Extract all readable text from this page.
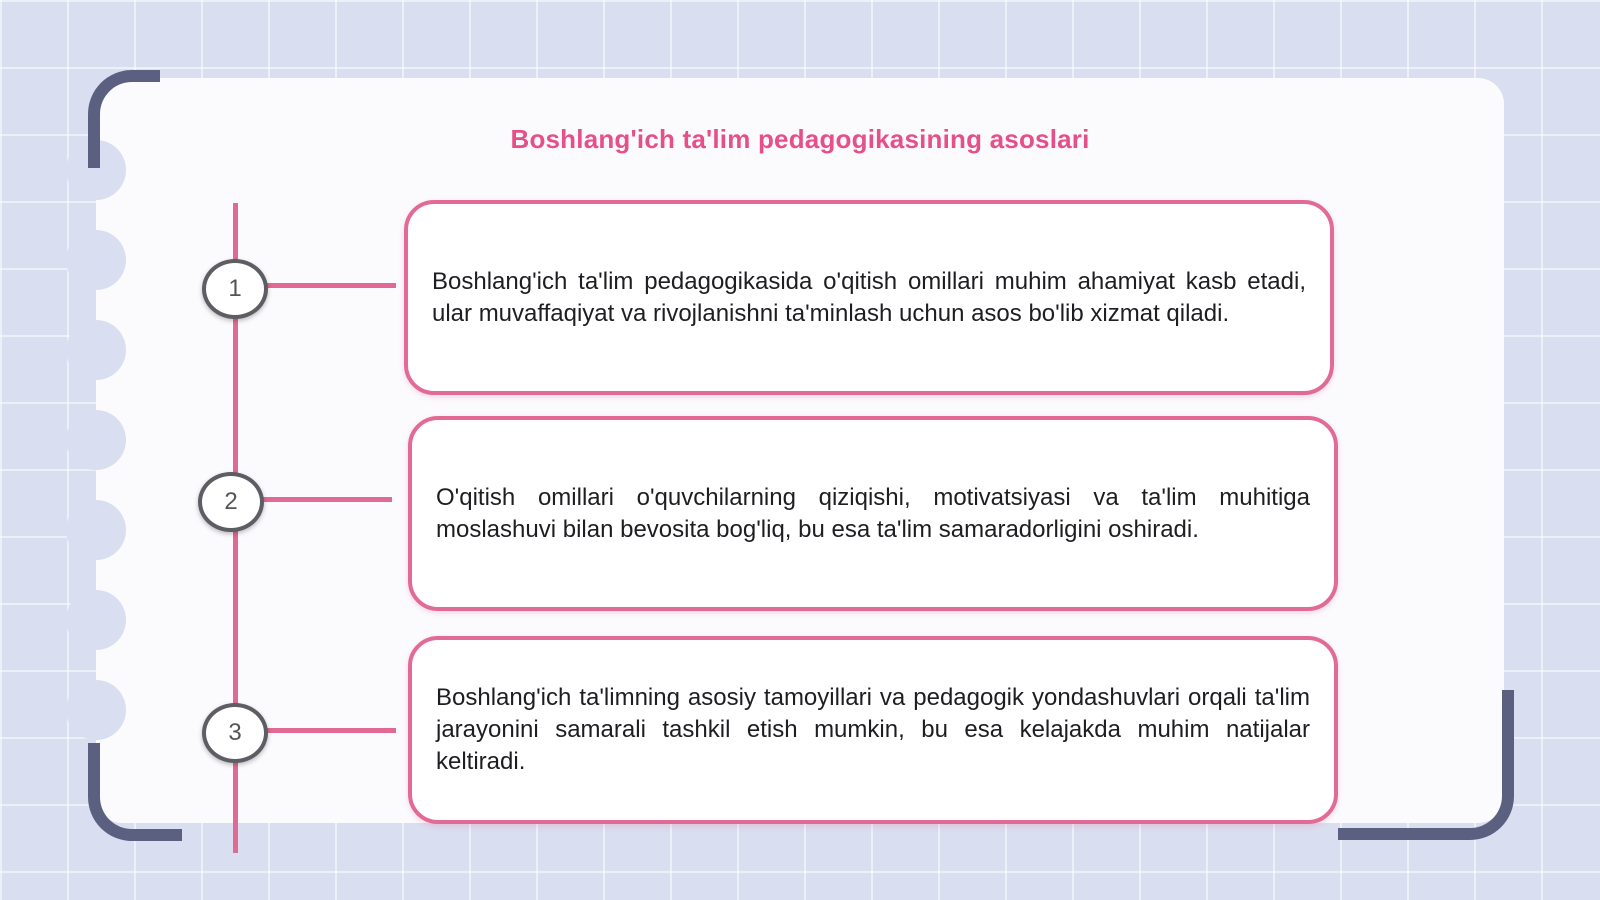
Boshlang'ich ta'lim pedagogikasining asoslari
1
2
3

Boshlang'ich ta'lim pedagogikasida o'qitish omillari muhim ahamiyat kasb etadi, ular muvaffaqiyat va rivojlanishni ta'minlash uchun asos bo'lib xizmat qiladi.

O'qitish omillari o'quvchilarning qiziqishi, motivatsiyasi va ta'lim muhitiga moslashuvi bilan bevosita bog'liq, bu esa ta'lim samaradorligini oshiradi.

Boshlang'ich ta'limning asosiy tamoyillari va pedagogik yondashuvlari orqali ta'lim jarayonini samarali tashkil etish mumkin, bu esa kelajakda muhim natijalar keltiradi.
